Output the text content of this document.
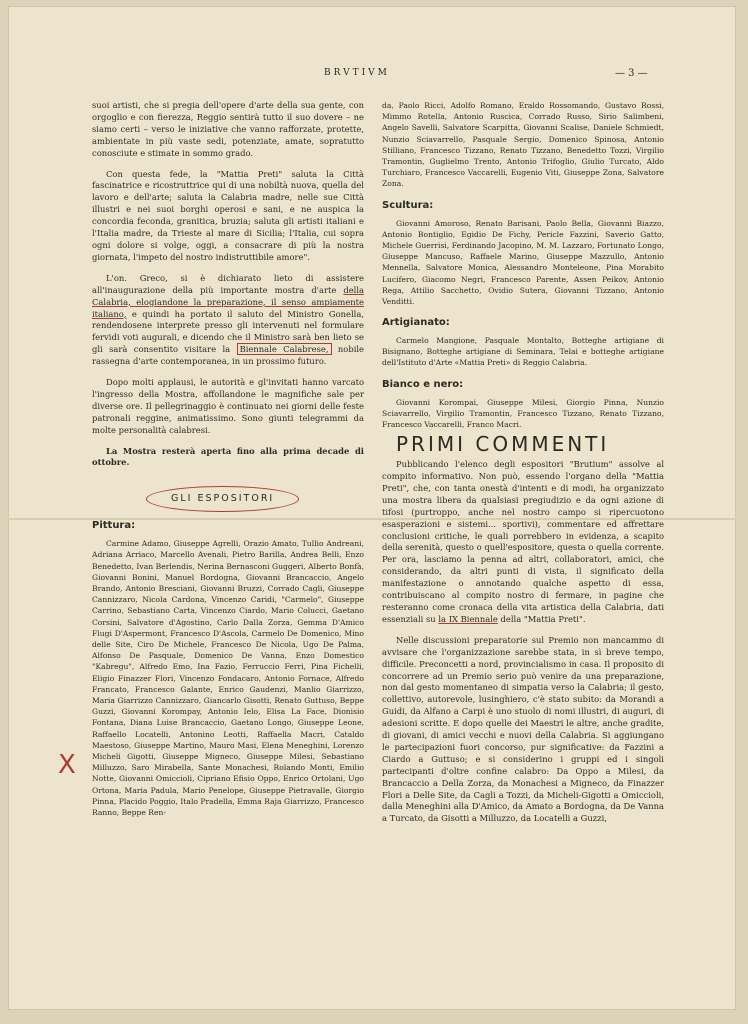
BRVTIVM	— 3 —
X

suoi artisti, che si pregia dell'opere d'arte della sua gente, con orgoglio e con fierezza, Reggio sentirà tutto il suo dovere – ne siamo certi – verso le iniziative che vanno rafforzate, protette, ambientate in più vaste sedi, potenziate, amate, sopratutto conosciute e stimate in sommo grado.

Con questa fede, la "Mattia Preti" saluta la Città fascinatrice e ricostruttrice qui di una nobiltà nuova, quella del lavoro e dell'arte; saluta la Calabria madre, nelle sue Città illustri e nei suoi borghi operosi e sani, e ne auspica la concordia feconda, granitica, bruzia; saluta gli artisti italiani e l'Italia madre, da Trieste al mare di Sicilia; l'Italia, cui sopra ogni dolore si volge, oggi, a consacrare di più la nostra giornata, l'impeto del nostro indistruttibile amore".

L'on. Greco, si è dichiarato lieto di assistere all'inaugurazione della più importante mostra d'arte della Calabria, elogiandone la preparazione, il senso ampiamente italiano, e quindi ha portato il saluto del Ministro Gonella, rendendosene interprete presso gli intervenuti nel formulare fervidi voti augurali, e dicendo che il Ministro sarà ben lieto se gli sarà consentito visitare la Biennale Calabrese, nobile rassegna d'arte contemporanea, in un prossimo futuro.

Dopo molti applausi, le autorità e gl'invitati hanno varcato l'ingresso della Mostra, affollandone le magnifiche sale per diverse ore. Il pellegrinaggio è continuato nei giorni delle feste patronali reggine, animatissimo. Sono giunti telegrammi da molte personalità calabresi.

La Mostra resterà aperta fino alla prima decade di ottobre.

GLI ESPOSITORI
Pittura:

Carmine Adamo, Giuseppe Agrelli, Orazio Amato, Tullio Andreani, Adriana Arriaco, Marcello Avenali, Pietro Barilla, Andrea Belli, Enzo Benedetto, Ivan Berlendis, Nerina Bernasconi Guggeri, Alberto Bonfà, Giovanni Bonini, Manuel Bordogna, Giovanni Brancaccio, Angelo Brando, Antonio Bresciani, Giovanni Bruzzi, Corrado Cagli, Giuseppe Cannizzaro, Nicola Cardona, Vincenzo Caridi, "Carmelo", Giuseppe Carrino, Sebastiano Carta, Vincenzo Ciardo, Mario Colucci, Gaetano Corsini, Salvatore d'Agostino, Carlo Dalla Zorza, Gemma D'Amico Flugi D'Aspermont, Francesco D'Ascola, Carmelo De Domenico, Mino delle Site, Ciro De Michele, Francesco De Nicola, Ugo De Palma, Alfonso De Pasquale, Domenico De Vanna, Enzo Domestico "Kabregu", Alfredo Emo, Ina Fazio, Ferruccio Ferri, Pina Fichelli, Eligio Finazzer Flori, Vincenzo Fondacaro, Antonio Fornace, Alfredo Francato, Francesco Galante, Enrico Gaudenzi, Manlio Giarrizzo, Maria Giarrizzo Cannizzaro, Giancarlo Gisotti, Renato Guttuso, Beppe Guzzi, Giovanni Korompay, Antonio Ielo, Elisa La Face, Dionisio Fontana, Diana Luise Brancaccio, Gaetano Longo, Giuseppe Leone, Raffaello Locatelli, Antonino Leotti, Raffaella Macri, Cataldo Maestoso, Giuseppe Martino, Mauro Masi, Elena Meneghini, Lorenzo Micheli Gigotti, Giuseppe Migneco, Giuseppe Milesi, Sebastiano Milluzzo, Saro Mirabella, Sante Monachesi, Rolando Monti, Emilio Notte, Giovanni Omiccioli, Cipriano Efisio Oppo, Enrico Ortolani, Ugo Ortona, Maria Padula, Mario Penelope, Giuseppe Pietravalle, Giorgio Pinna, Placido Poggio, Italo Pradella, Emma Raja Giarrizzo, Francesco Ranno, Beppe Ren-

da, Paolo Ricci, Adolfo Romano, Eraldo Rossomando, Gustavo Rossi, Mimmo Rotella, Antonio Ruscica, Corrado Russo, Sirio Salimbeni, Angelo Savelli, Salvatore Scarpitta, Giovanni Scalise, Daniele Schmiedt, Nunzio Sciavarrello, Pasquale Sergio, Domenico Spinosa, Antonio Stilliano, Francesco Tizzano, Renato Tizzano, Benedetto Tozzi, Virgilio Tramontin, Guglielmo Trento, Antonio Trifoglio, Giulio Turcato, Aldo Turchiaro, Francesco Vaccarelli, Eugenio Viti, Giuseppe Zona, Salvatore Zona.

Scultura:

Giovanni Amoroso, Renato Barisani, Paolo Bella, Giovanni Biazzo, Antonio Bontiglio, Egidio De Fichy, Pericle Fazzini, Saverio Gatto, Michele Guerrisi, Ferdinando Jacopino, M. M. Lazzaro, Fortunato Longo, Giuseppe Mancuso, Raffaele Marino, Giuseppe Mazzullo, Antonio Mennella, Salvatore Monica, Alessandro Monteleone, Pina Morabito Lucifero, Giacomo Negri, Francesco Parente, Assen Peikov, Antonio Rega, Attilio Sacchetto, Ovidio Sutera, Giovanni Tizzano, Antonio Venditti.

Artigianato:

Carmelo Mangione, Pasquale Montalto, Botteghe artigiane di Bisignano, Botteghe artigiane di Seminara, Telai e botteghe artigiane dell'Istituto d'Arte «Mattia Preti» di Reggio Calabria.

Bianco e nero:

Giovanni Korompai, Giuseppe Milesi, Giorgio Pinna, Nunzio Sciavarrello, Virgilio Tramontin, Francesco Tizzano, Renato Tizzano, Francesco Vaccarelli, Franco Macri.

PRIMI COMMENTI

Pubblicando l'elenco degli espositori "Brutium" assolve al compito informativo. Non può, essendo l'organo della "Mattia Preti", che, con tanta onestà d'intenti e di modi, ha organizzato una mostra libera da qualsiasi pregiudizio e da ogni azione di tifosi (purtroppo, anche nel nostro campo si ripercuotono esasperazioni e sistemi... sportivi), commentare ed affrettare conclusioni critiche, le quali porrebbero in evidenza, a scapito della serenità, questo o quell'espositore, questa o quella corrente. Per ora, lasciamo la penna ad altri, collaboratori, amici, che considerando, da altri punti di vista, il significato della manifestazione o annotando qualche aspetto di essa, contribuiscano al compito nostro di fermare, in pagine che resteranno come cronaca della vita artistica della Calabria, dati essenziali su la IX Biennale della "Mattia Preti".

Nelle discussioni preparatorie sul Premio non mancammo di avvisare che l'organizzazione sarebbe stata, in sì breve tempo, difficile. Preconcetti a nord, provincialismo in casa. Il proposito di concorrere ad un Premio serio può venire da una preparazione, non dal gesto momentaneo di simpatia verso la Calabria; il gesto, collettivo, autorevole, lusinghiero, c'è stato subito: da Morandi a Guidi, da Alfano a Carpi è uno stuolo di nomi illustri, di auguri, di adesioni scritte. E dopo quelle dei Maestri le altre, anche gradite, di giovani, di amici vecchi e nuovi della Calabria. Si aggiungano le partecipazioni fuori concorso, pur significative: da Fazzini a Ciardo a Guttuso; e si considerino i gruppi ed i singoli partecipanti d'oltre confine calabro: Da Oppo a Milesi, da Brancaccio a Della Zorza, da Monachesi a Migneco, da Finazzer Flori a Delle Site, da Cagli a Tozzi, da Micheli-Gigotti a Omiccioli, dalla Meneghini alla D'Amico, da Amato a Bordogna, da De Vanna a Turcato, da Gisotti a Milluzzo, da Locatelli a Guzzi,
